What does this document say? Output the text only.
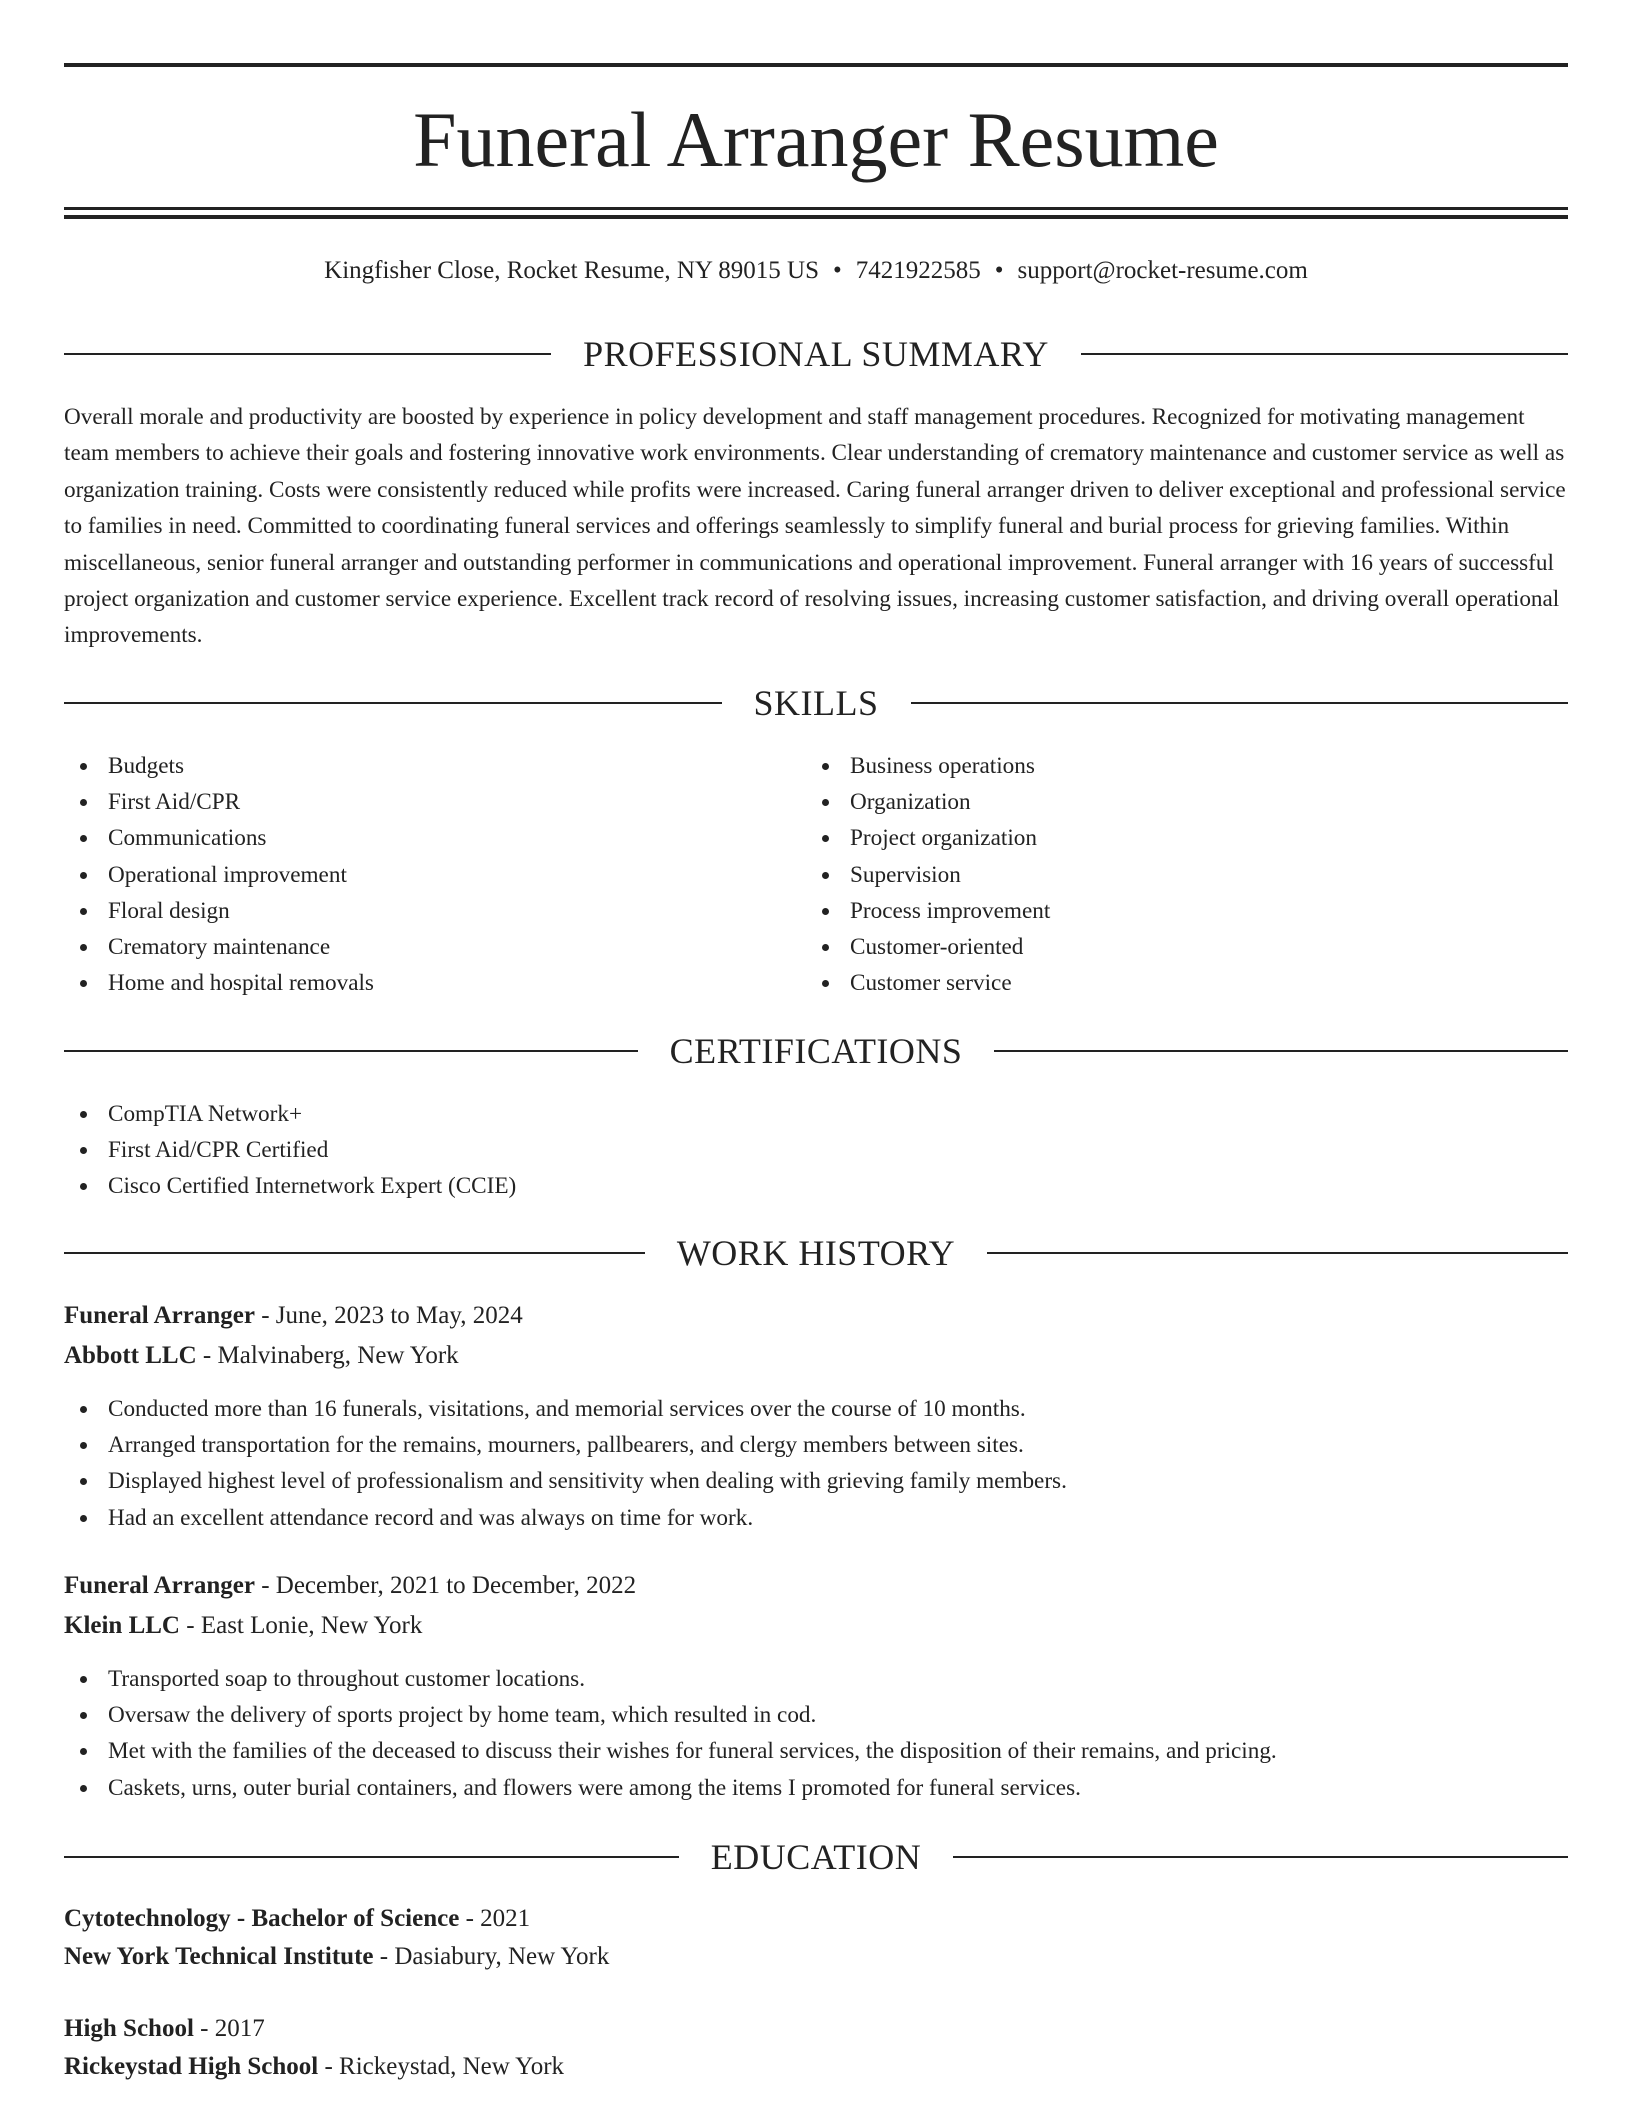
Funeral Arranger Resume
Kingfisher Close, Rocket Resume, NY 89015 US • 7421922585 • support@rocket-resume.com
PROFESSIONAL SUMMARY

Overall morale and productivity are boosted by experience in policy development and staff management procedures. Recognized for motivating management team members to achieve their goals and fostering innovative work environments. Clear understanding of crematory maintenance and customer service as well as organization training. Costs were consistently reduced while profits were increased. Caring funeral arranger driven to deliver exceptional and professional service to families in need. Committed to coordinating funeral services and offerings seamlessly to simplify funeral and burial process for grieving families. Within miscellaneous, senior funeral arranger and outstanding performer in communications and operational improvement. Funeral arranger with 16 years of successful project organization and customer service experience. Excellent track record of resolving issues, increasing customer satisfaction, and driving overall operational improvements.

SKILLS
Budgets
First Aid/CPR
Communications
Operational improvement
Floral design
Crematory maintenance
Home and hospital removals
Business operations
Organization
Project organization
Supervision
Process improvement
Customer-oriented
Customer service
CERTIFICATIONS
CompTIA Network+
First Aid/CPR Certified
Cisco Certified Internetwork Expert (CCIE)
WORK HISTORY
Funeral Arranger - June, 2023 to May, 2024
Abbott LLC - Malvinaberg, New York
Conducted more than 16 funerals, visitations, and memorial services over the course of 10 months.
Arranged transportation for the remains, mourners, pallbearers, and clergy members between sites.
Displayed highest level of professionalism and sensitivity when dealing with grieving family members.
Had an excellent attendance record and was always on time for work.
Funeral Arranger - December, 2021 to December, 2022
Klein LLC - East Lonie, New York
Transported soap to throughout customer locations.
Oversaw the delivery of sports project by home team, which resulted in cod.
Met with the families of the deceased to discuss their wishes for funeral services, the disposition of their remains, and pricing.
Caskets, urns, outer burial containers, and flowers were among the items I promoted for funeral services.
EDUCATION
Cytotechnology - Bachelor of Science - 2021
New York Technical Institute - Dasiabury, New York
High School - 2017
Rickeystad High School - Rickeystad, New York
